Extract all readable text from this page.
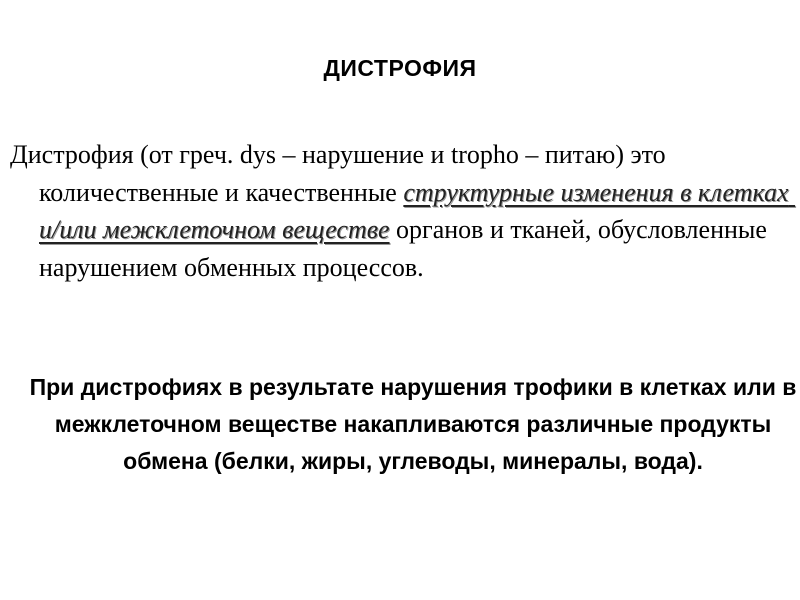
ДИСТРОФИЯ
Дистрофия (от греч. dys – нарушение и tropho – питаю) это количественные и качественные структурные изменения в клетках и/или межклеточном веществе органов и тканей, обусловленные нарушением обменных процессов.
При дистрофиях в результате нарушения трофики в клетках или в межклеточном веществе накапливаются различные продукты обмена (белки, жиры, углеводы, минералы, вода).
